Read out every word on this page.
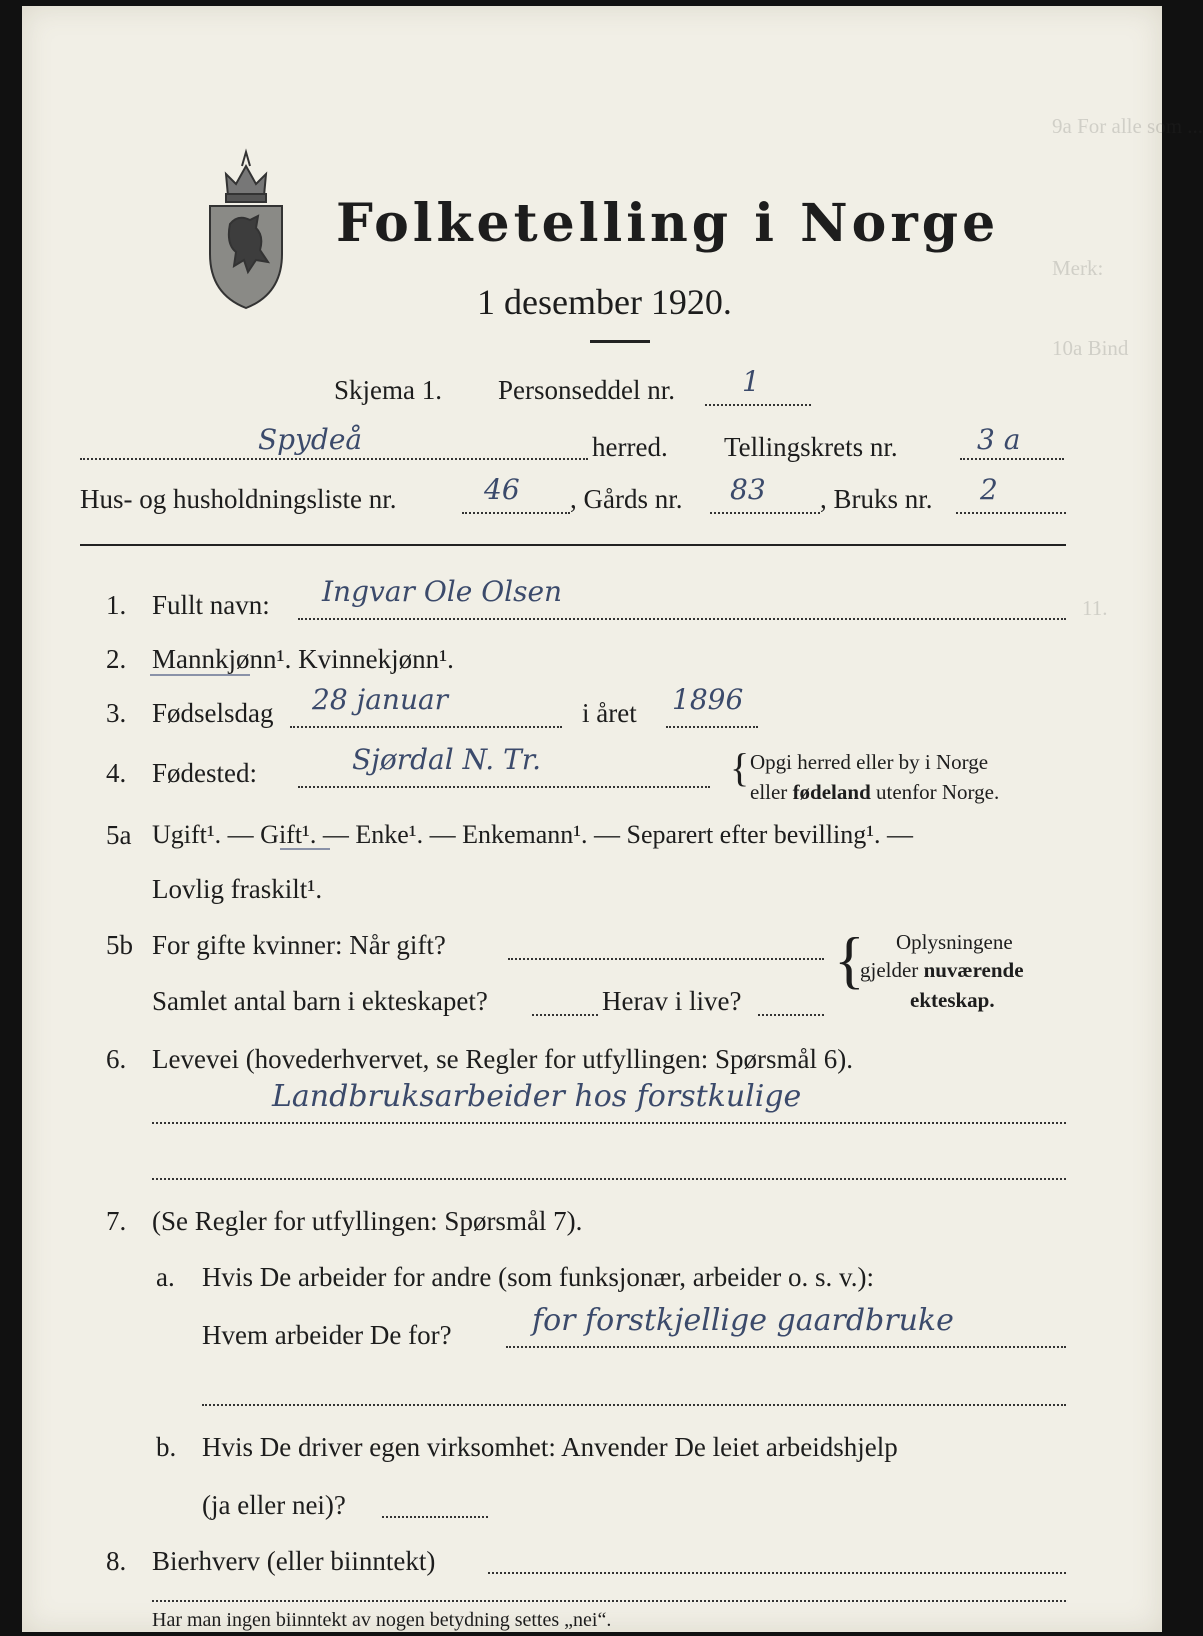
9a For alle som ...
Merk:
10a Bind
11.
Folketelling i Norge
1 desember 1920.
Skjema 1. Personseddel nr. 1
Spydeå	herred. Tellingskrets nr.	3 a
Hus- og husholdningsliste nr.	46 , Gårds nr. 83 , Bruks nr. 2
1. Fullt navn: Ingvar Ole Olsen
2. Mannkjønn¹. Kvinnekjønn¹.
3. Fødselsdag 28 januar	i året 1896
4. Fødested:	Sjørdal N. Tr.	{ Opgi herred eller by i Norge
eller fødeland utenfor Norge.
5a Ugift¹. — Gift¹. — Enke¹. — Enkemann¹. — Separert efter bevilling¹. —
Lovlig fraskilt¹.
5b For gifte kvinner: Når gift?
Samlet antal barn i ekteskapet?	Herav i live?
{ Oplysningene
gjelder nuværende
ekteskap.
6. Levevei (hovederhvervet, se Regler for utfyllingen: Spørsmål 6).
Landbruksarbeider hos forstkulige
7. (Se Regler for utfyllingen: Spørsmål 7).
a. Hvis De arbeider for andre (som funksjonær, arbeider o. s. v.):
Hvem arbeider De for?	for forstkjellige gaardbruke
b. Hvis De driver egen virksomhet: Anvender De leiet arbeidshjelp
(ja eller nei)?
8. Bierhverv (eller biinntekt)
Har man ingen biinntekt av nogen betydning settes „nei“.
